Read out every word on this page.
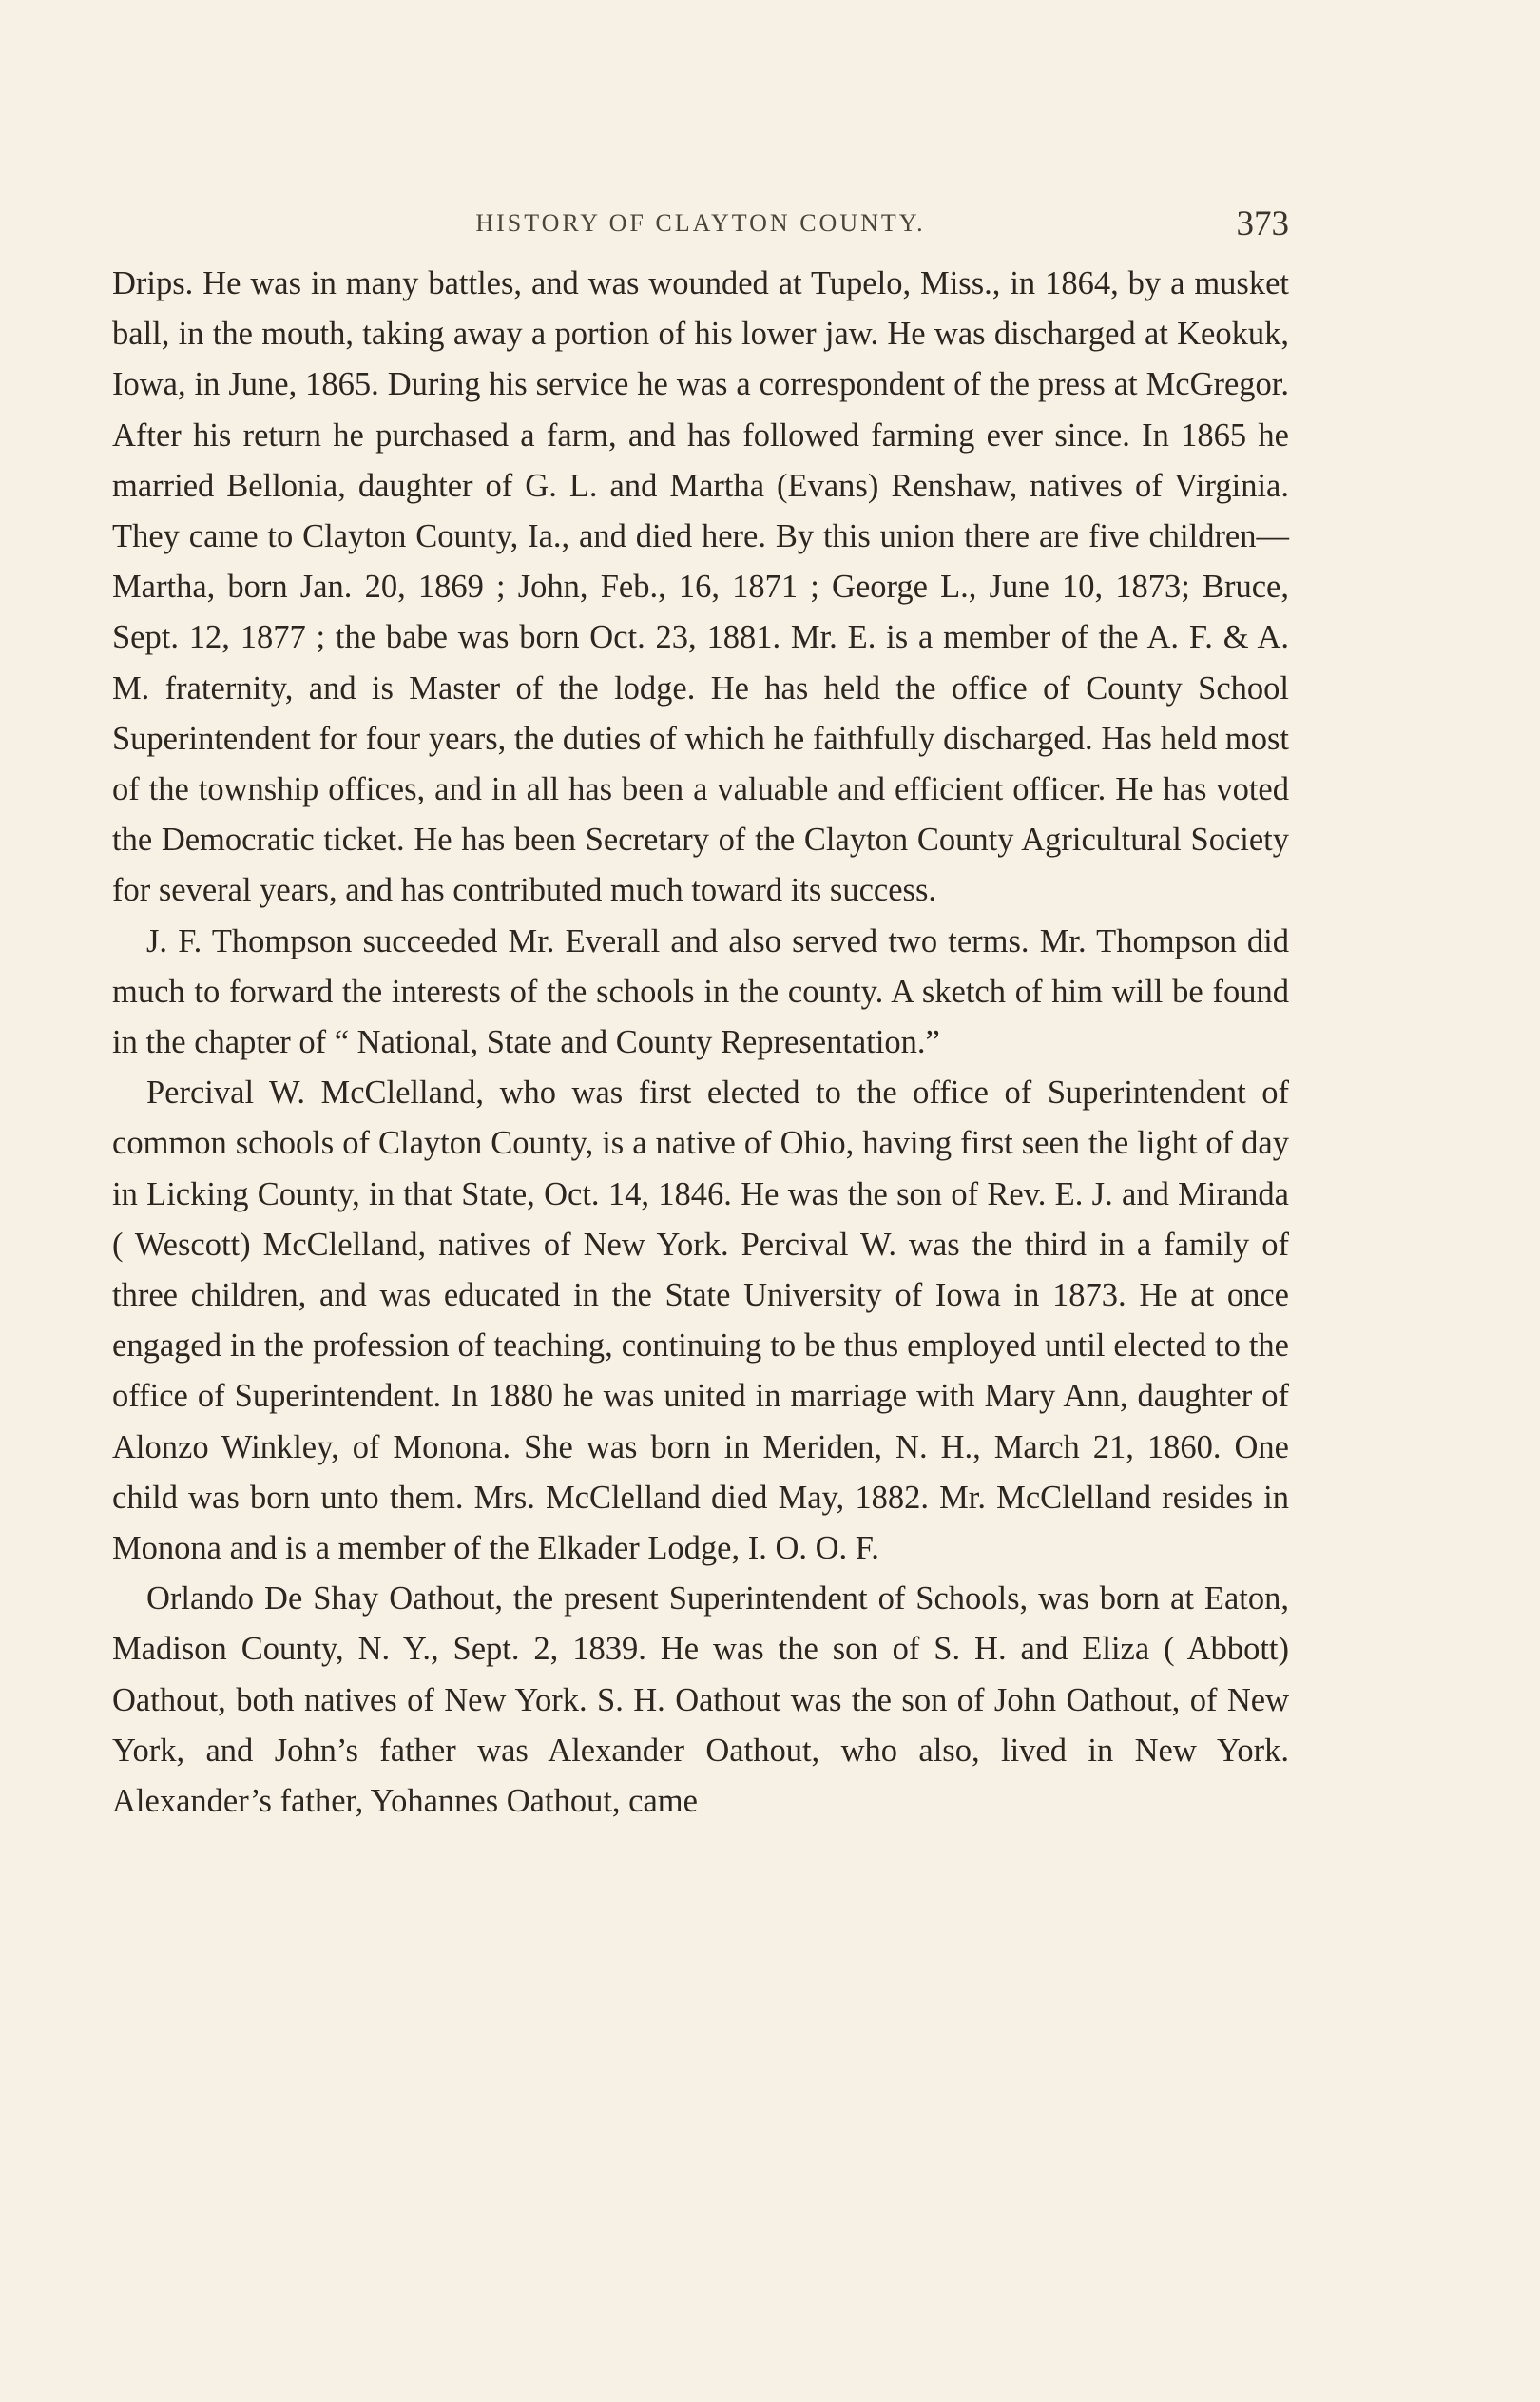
HISTORY OF CLAYTON COUNTY.	373

Drips. He was in many battles, and was wounded at Tupelo, Miss., in 1864, by a musket ball, in the mouth, taking away a portion of his lower jaw. He was discharged at Keokuk, Iowa, in June, 1865. During his service he was a correspondent of the press at McGregor. After his return he purchased a farm, and has followed farming ever since. In 1865 he married Bellonia, daughter of G. L. and Martha (Evans) Renshaw, natives of Virginia. They came to Clayton County, Ia., and died here. By this union there are five children—Martha, born Jan. 20, 1869 ; John, Feb., 16, 1871 ; George L., June 10, 1873; Bruce, Sept. 12, 1877 ; the babe was born Oct. 23, 1881. Mr. E. is a member of the A. F. & A. M. fraternity, and is Master of the lodge. He has held the office of County School Superintendent for four years, the duties of which he faithfully discharged. Has held most of the township offices, and in all has been a valuable and efficient officer. He has voted the Democratic ticket. He has been Secretary of the Clayton County Agricultural Society for several years, and has contributed much toward its success.

J. F. Thompson succeeded Mr. Everall and also served two terms. Mr. Thompson did much to forward the interests of the schools in the county. A sketch of him will be found in the chapter of “ National, State and County Representation.”

Percival W. McClelland, who was first elected to the office of Superintendent of common schools of Clayton County, is a native of Ohio, having first seen the light of day in Licking County, in that State, Oct. 14, 1846. He was the son of Rev. E. J. and Miranda ( Wescott) McClelland, natives of New York. Percival W. was the third in a family of three children, and was educated in the State University of Iowa in 1873. He at once engaged in the profession of teaching, continuing to be thus employed until elected to the office of Superintendent. In 1880 he was united in marriage with Mary Ann, daughter of Alonzo Winkley, of Monona. She was born in Meriden, N. H., March 21, 1860. One child was born unto them. Mrs. McClelland died May, 1882. Mr. McClelland resides in Monona and is a member of the Elkader Lodge, I. O. O. F.

Orlando De Shay Oathout, the present Superintendent of Schools, was born at Eaton, Madison County, N. Y., Sept. 2, 1839. He was the son of S. H. and Eliza ( Abbott) Oathout, both natives of New York. S. H. Oathout was the son of John Oathout, of New York, and John’s father was Alexander Oathout, who also, lived in New York. Alexander’s father, Yohannes Oathout, came
